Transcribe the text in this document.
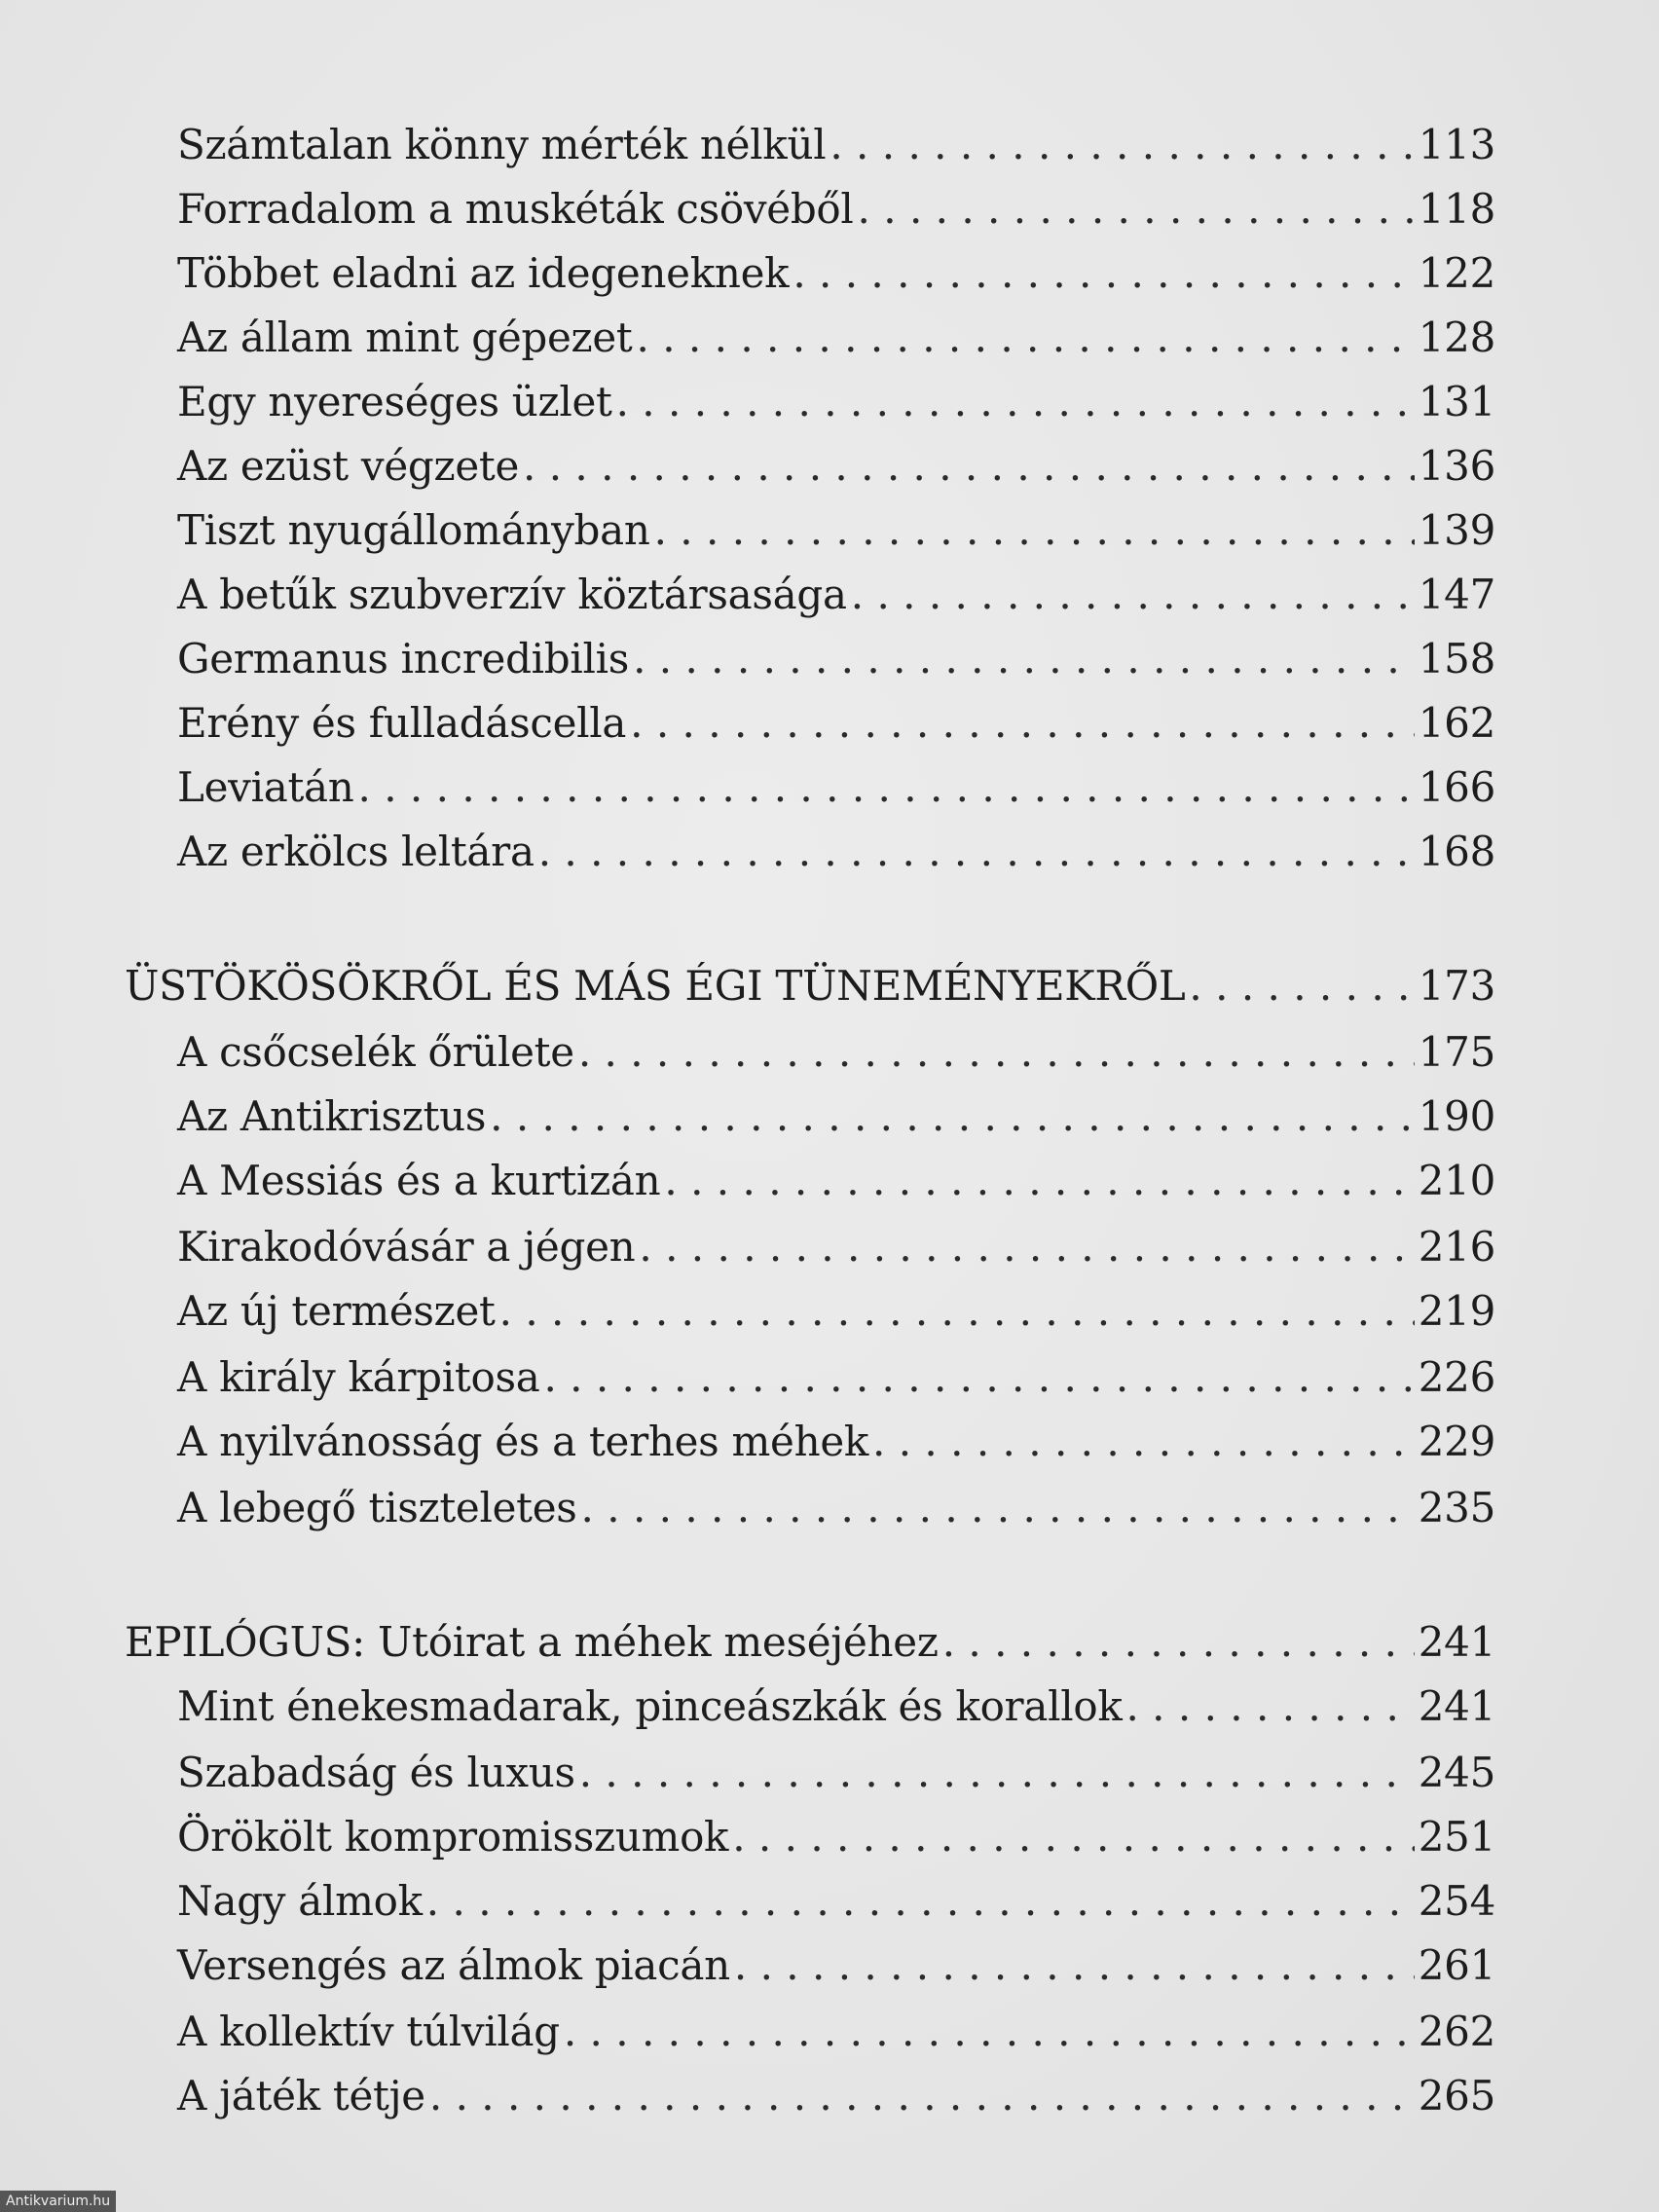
Számtalan könny mérték nélkül . . .	113
Forradalom a muskéták csövéből . . .	118
Többet eladni az idegeneknek . . .	122
Az állam mint gépezet . . .	128
Egy nyereséges üzlet . . .	131
Az ezüst végzete . . .	136
Tiszt nyugállományban . . .	139
A betűk szubverzív köztársasága . . .	147
Germanus incredibilis . . .	158
Erény és fulladáscella . . .	162
Leviatán . . .	166
Az erkölcs leltára . . .	168
ÜSTÖKÖSÖKRŐL ÉS MÁS ÉGI TÜNEMÉNYEKRŐL . . .	173
A csőcselék őrülete . . .	175
Az Antikrisztus . . .	190
A Messiás és a kurtizán . . .	210
Kirakodóvásár a jégen . . .	216
Az új természet . . .	219
A király kárpitosa . . .	226
A nyilvánosság és a terhes méhek . . .	229
A lebegő tiszteletes . . .	235
EPILÓGUS: Utóirat a méhek meséjéhez . . .	241
Mint énekesmadarak, pinceászkák és korallok . . .	241
Szabadság és luxus . . .	245
Örökölt kompromisszumok . . .	251
Nagy álmok . . .	254
Versengés az álmok piacán . . .	261
A kollektív túlvilág . . .	262
A játék tétje . . .	265
Antikvarium.hu
